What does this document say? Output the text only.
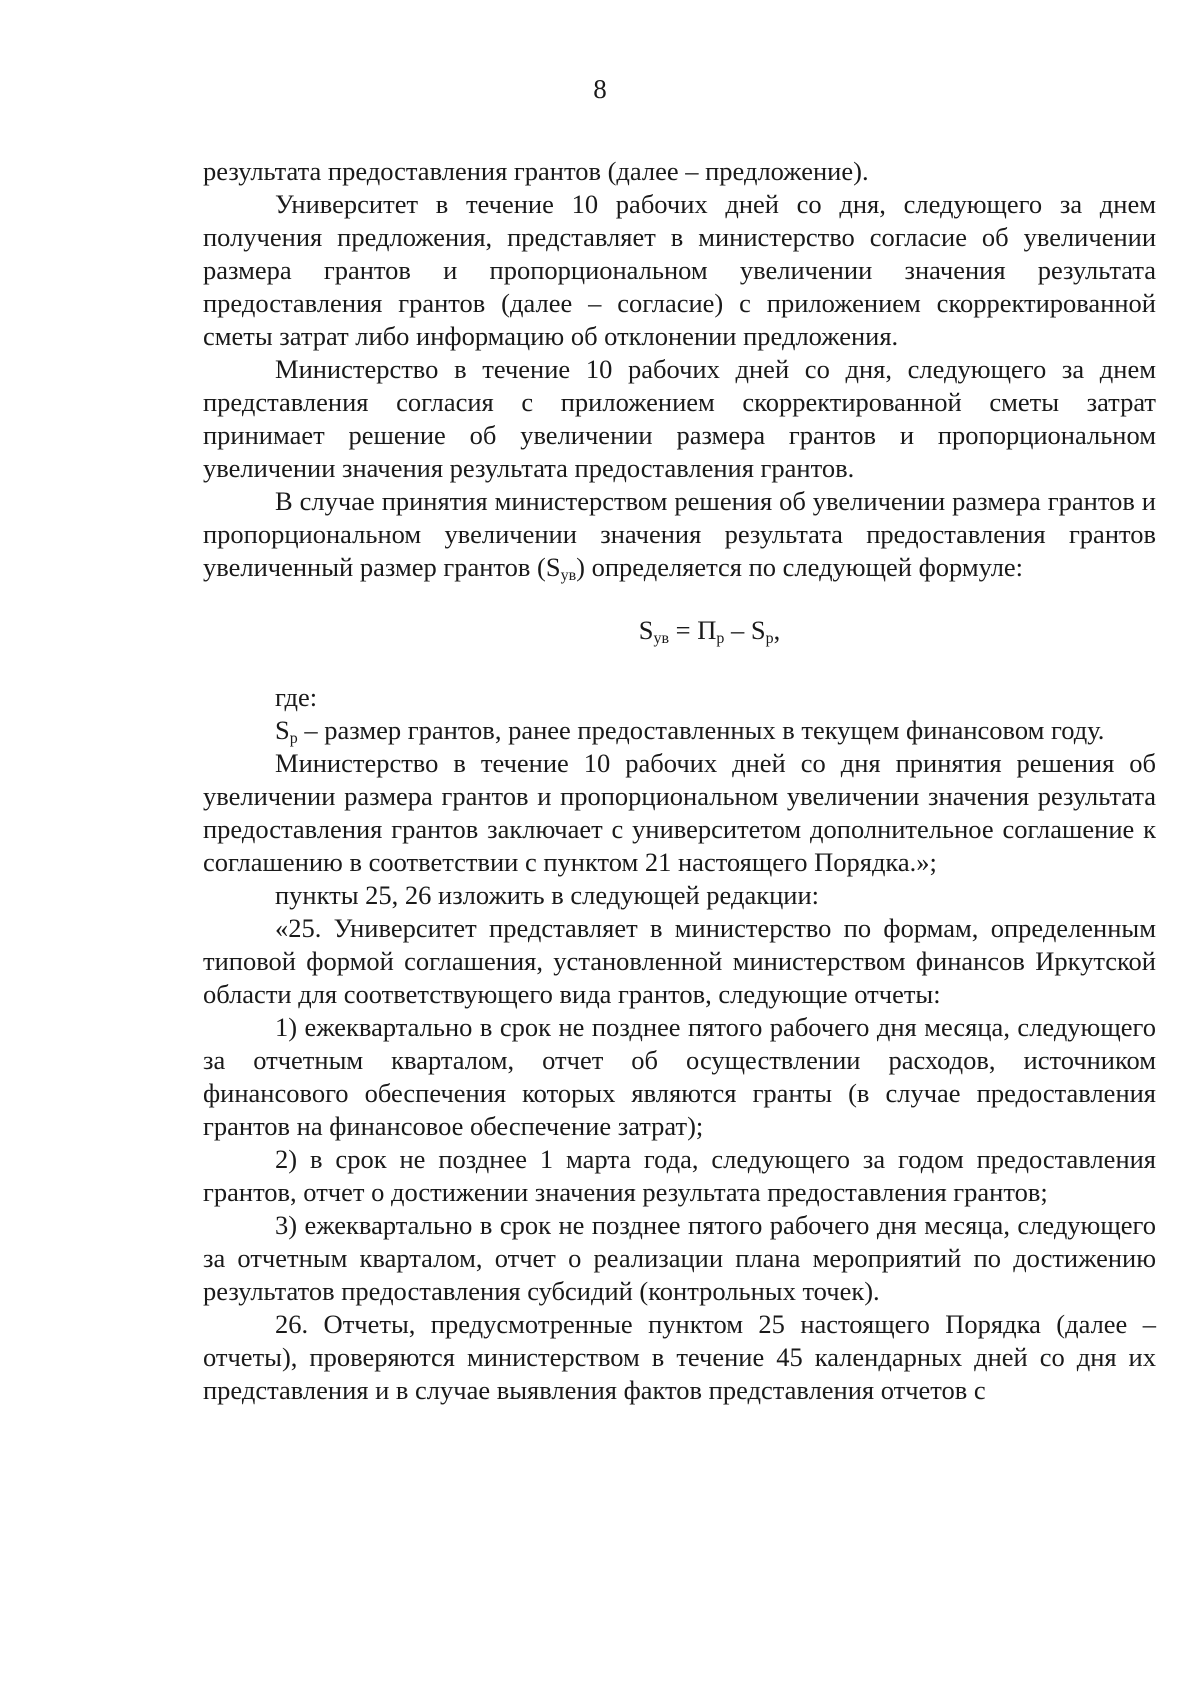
8

результата предоставления грантов (далее – предложение).

Университет в течение 10 рабочих дней со дня, следующего за днем получения предложения, представляет в министерство согласие об увеличении размера грантов и пропорциональном увеличении значения результата предоставления грантов (далее – согласие) с приложением скорректированной сметы затрат либо информацию об отклонении предложения.

Министерство в течение 10 рабочих дней со дня, следующего за днем представления согласия с приложением скорректированной сметы затрат принимает решение об увеличении размера грантов и пропорциональном увеличении значения результата предоставления грантов.

В случае принятия министерством решения об увеличении размера грантов и пропорциональном увеличении значения результата предоставления грантов увеличенный размер грантов $(S_{ув})$ определяется по следующей формуле:

$S_{ув} = П_р - S_р$,

где:

$S_р$ – размер грантов, ранее предоставленных в текущем финансовом году.

Министерство в течение 10 рабочих дней со дня принятия решения об увеличении размера грантов и пропорциональном увеличении значения результата предоставления грантов заключает с университетом дополнительное соглашение к соглашению в соответствии с пунктом 21 настоящего Порядка.»;

пункты 25, 26 изложить в следующей редакции:

«25. Университет представляет в министерство по формам, определенным типовой формой соглашения, установленной министерством финансов Иркутской области для соответствующего вида грантов, следующие отчеты:

1) ежеквартально в срок не позднее пятого рабочего дня месяца, следующего за отчетным кварталом, отчет об осуществлении расходов, источником финансового обеспечения которых являются гранты (в случае предоставления грантов на финансовое обеспечение затрат);

2) в срок не позднее 1 марта года, следующего за годом предоставления грантов, отчет о достижении значения результата предоставления грантов;

3) ежеквартально в срок не позднее пятого рабочего дня месяца, следующего за отчетным кварталом, отчет о реализации плана мероприятий по достижению результатов предоставления субсидий (контрольных точек).

26. Отчеты, предусмотренные пунктом 25 настоящего Порядка (далее – отчеты), проверяются министерством в течение 45 календарных дней со дня их представления и в случае выявления фактов представления отчетов с
